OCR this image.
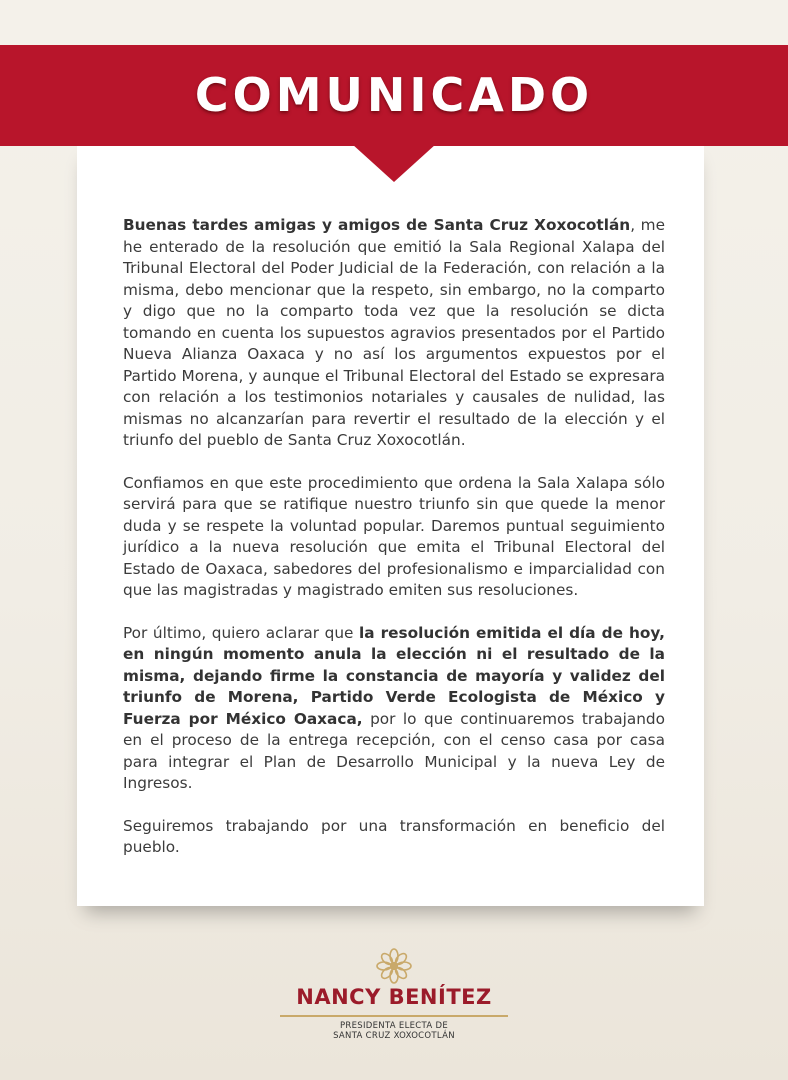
COMUNICADO

Buenas tardes amigas y amigos de Santa Cruz Xoxocotlán, me he enterado de la resolución que emitió la Sala Regional Xalapa del Tribunal Electoral del Poder Judicial de la Federación, con relación a la misma, debo mencionar que la respeto, sin embargo, no la comparto y digo que no la comparto toda vez que la resolución se dicta tomando en cuenta los supuestos agravios presentados por el Partido Nueva Alianza Oaxaca y no así los argumentos expuestos por el Partido Morena, y aunque el Tribunal Electoral del Estado se expresara con relación a los testimonios notariales y causales de nulidad, las mismas no alcanzarían para revertir el resultado de la elección y el triunfo del pueblo de Santa Cruz Xoxocotlán.

Confiamos en que este procedimiento que ordena la Sala Xalapa sólo servirá para que se ratifique nuestro triunfo sin que quede la menor duda y se respete la voluntad popular. Daremos puntual seguimiento jurídico a la nueva resolución que emita el Tribunal Electoral del Estado de Oaxaca, sabedores del profesionalismo e imparcialidad con que las magistradas y magistrado emiten sus resoluciones.

Por último, quiero aclarar que la resolución emitida el día de hoy, en ningún momento anula la elección ni el resultado de la misma, dejando firme la constancia de mayoría y validez del triunfo de Morena, Partido Verde Ecologista de México y Fuerza por México Oaxaca, por lo que continuaremos trabajando en el proceso de la entrega recepción, con el censo casa por casa para integrar el Plan de Desarrollo Municipal y la nueva Ley de Ingresos.

Seguiremos trabajando por una transformación en beneficio del pueblo.

NANCY BENÍTEZ
PRESIDENTA ELECTA DE
SANTA CRUZ XOXOCOTLÁN
